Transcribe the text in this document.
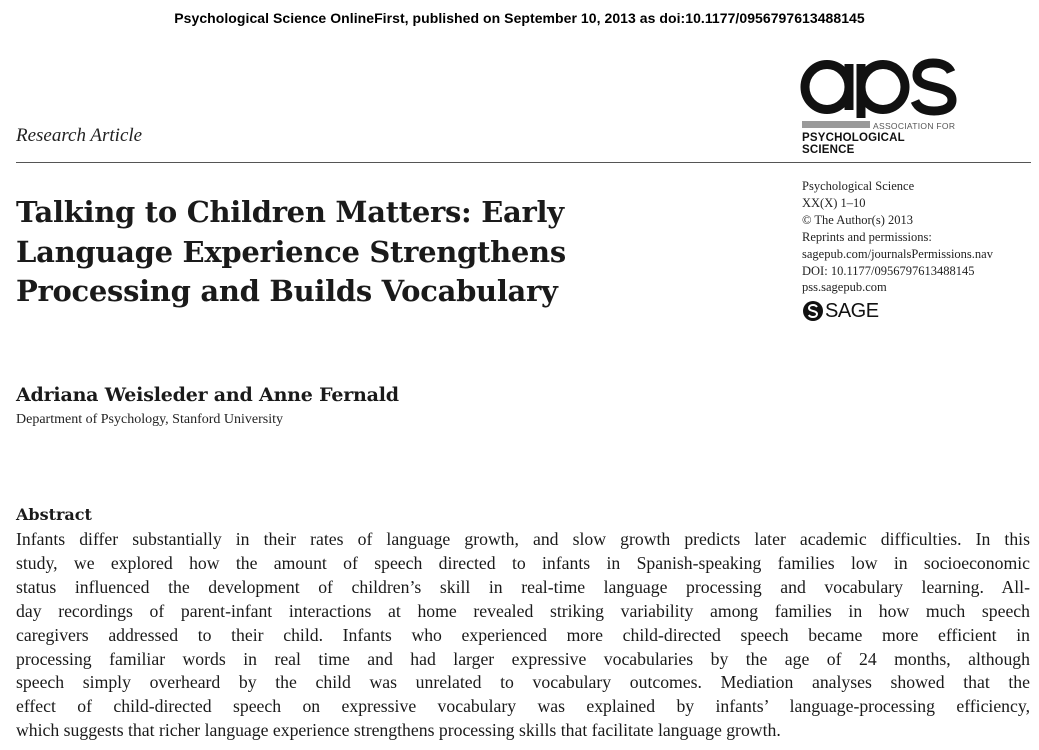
Psychological Science OnlineFirst, published on September 10, 2013 as doi:10.1177/0956797613488145
Research Article	ASSOCIATION FOR
PSYCHOLOGICAL SCIENCE
Talking to Children Matters: Early
Language Experience Strengthens
Processing and Builds Vocabulary
Psychological Science
XX(X) 1–10
© The Author(s) 2013
Reprints and permissions:
sagepub.com/journalsPermissions.nav
DOI: 10.1177/0956797613488145
pss.sagepub.com
SAGE
Adriana Weisleder and Anne Fernald
Department of Psychology, Stanford University
Abstract
Infants differ substantially in their rates of language growth, and slow growth predicts later academic difficulties. In this
study, we explored how the amount of speech directed to infants in Spanish-speaking families low in socioeconomic
status influenced the development of children’s skill in real-time language processing and vocabulary learning. All-
day recordings of parent-infant interactions at home revealed striking variability among families in how much speech
caregivers addressed to their child. Infants who experienced more child-directed speech became more efficient in
processing familiar words in real time and had larger expressive vocabularies by the age of 24 months, although
speech simply overheard by the child was unrelated to vocabulary outcomes. Mediation analyses showed that the
effect of child-directed speech on expressive vocabulary was explained by infants’ language-processing efficiency,
which suggests that richer language experience strengthens processing skills that facilitate language growth.
